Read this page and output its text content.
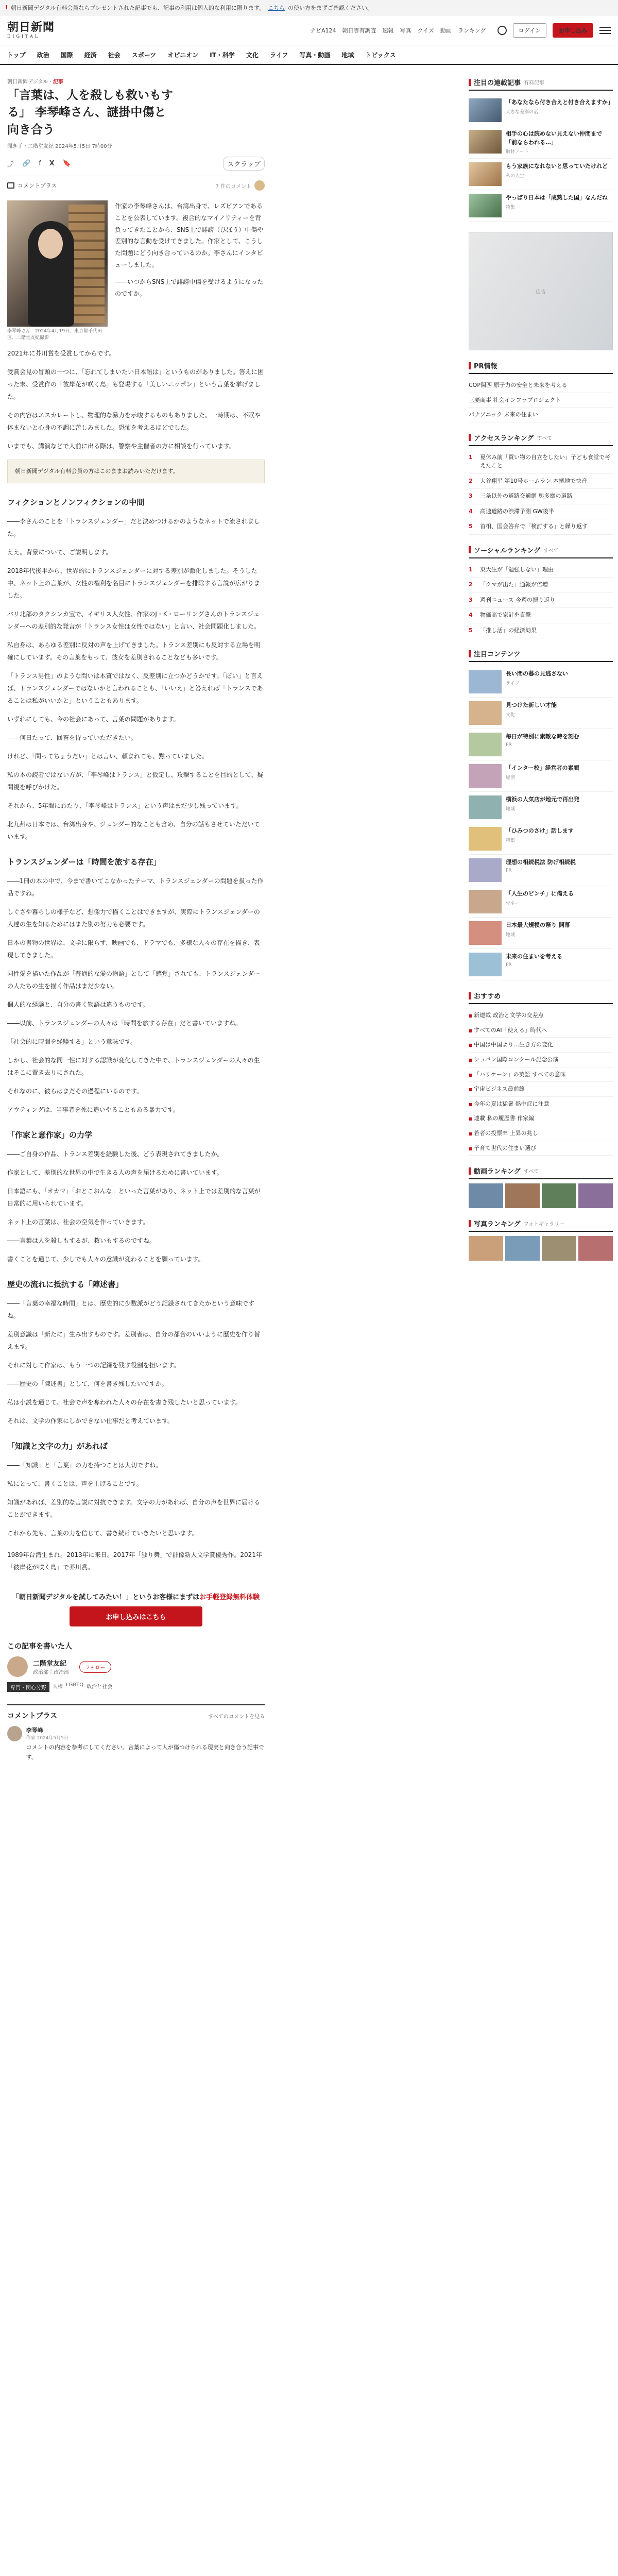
! 朝日新聞デジタル有料会員ならプレゼントされた記事でも、記事の利用は個人的な利用に限ります。 こちら の使い方をまずご確認ください。
朝日新聞
DIGITAL
ナビA124 朝日専有調査 速報 写真 クイズ 動画 ランキング	ログイン	お申し込み
トップ 政治 国際 経済 社会 スポーツ オピニオン IT・科学 文化 ライフ 写真・動画 地域 トピックス
朝日新聞デジタル · 記事
「言葉は、人を殺しも救いもする」 李琴峰さん、謎掛中傷と向き合う
聞き手・二階堂友紀 2024年5月5日 7時00分
⤴ 🔗 f X 🔖	スクラップ
コメントプラス	7 件のコメント
李琴峰さん＝2024年4月19日、東京都千代田区、二階堂友紀撮影

作家の李琴峰さんは、台湾出身で、レズビアンであることを公表しています。複合的なマイノリティーを背負ってきたことから、SNS上で誹謗（ひぼう）中傷や差別的な言動を受けてきました。作家として、こうした問題にどう向き合っているのか。李さんにインタビューしました。

――いつからSNS上で誹謗中傷を受けるようになったのですか。

2021年に芥川賞を受賞してからです。

受賞会見の冒頭の一つに、「忘れてしまいたい日本語は」というものがありました。答えに困った末、受賞作の「彼岸花が咲く島」も登場する「美しいニッポン」という言葉を挙げました。

その内容はエスカレートし、物理的な暴力を示唆するものもありました。一時期は、不眠や体まないと心身の不調に苦しみました。恐怖を考えるほどでした。

いまでも、講演などで人前に出る際は、警察や主催者の方に相談を行っています。

朝日新聞デジタル有料会員の方はこのままお読みいただけます。
フィクションとノンフィクションの中間

――李さんのことを「トランスジェンダー」だと決めつけるかのようなネットで流されました。

ええ。背景について、ご説明します。

2018年代後半から、世界的にトランスジェンダーに対する差別が激化しました。そうした中、ネット上の言葉が、女性の権利を名目にトランスジェンダーを排除する言説が広がりました。

バリ北部のタクシンカ宝で、イギリス人女性、作家のJ・K・ローリングさんのトランスジェンダーへの差別的な発言が「トランス女性は女性ではない」と言い、社会問題化しました。

私自身は、あらゆる差別に反対の声を上げてきました。トランス差別にも反対する立場を明確にしています。その言葉をもって、彼女を差別されることなども多いです。

「トランス男性」のような問いは本質ではなく、反差別に立つかどうかです。「ぼい」と言えば、トランスジェンダーではないかと言われることも、「いいえ」と答えれば「トランスであることは私がいいかと」ということもあります。

いずれにしても、今の社会にあって、言葉の問題があります。

――何日たって、回答を待っていただきたい。

けれど、「問ってちょうだい」とは言い、頼まれても、黙っていました。

私の本の読者ではない方が、「李琴峰はトランス」と仮定し、攻撃することを目的として、疑問視を呼びかけた。

それから、5年間にわたり、「李琴峰はトランス」という声はまだ少し残っています。

北九州は日本では、台湾出身や、ジェンダー的なことも含め、自分の話もさせていただいています。

トランスジェンダーは「時間を旅する存在」

――1冊の本の中で、今まで書いてこなかったテーマ、トランスジェンダーの問題を扱った作品ですね。

しぐさや暮らしの様子など、想像力で描くことはできますが、実際にトランスジェンダーの人達の生を知るためにはまた別の努力も必要です。

日本の書物の世界は、文学に限らず、映画でも、ドラマでも、多様な人々の存在を描き、表現してきました。

同性愛を描いた作品が「普通的な愛の物語」として「感覚」されても、トランスジェンダーの人たちの生を描く作品はまだ少ない。

個人的な経験と、自分の書く物語は違うものです。

――以前、トランスジェンダーの人々は「時間を旅する存在」だと書いていますね。

「社会的に時間を経験する」という意味です。

しかし、社会的な同一性に対する認識が変化してきた中で、トランスジェンダーの人々の生はそこに置き去りにされた。

それなのに、彼らはまだその過程にいるのです。

アウティングは、当事者を死に追いやることもある暴力です。

「作家と意作家」の力学

――ご自身の作品、トランス差別を経験した後、どう表現されてきましたか。

作家として、差別的な世界の中で生きる人の声を届けるために書いています。

日本語にも、「オカマ」「おとこおんな」といった言葉があり、ネット上では差別的な言葉が日常的に用いられています。

ネット上の言葉は、社会の空気を作っていきます。

――言葉は人を殺しもするが、救いもするのですね。

書くことを通じて、少しでも人々の意識が変わることを願っています。

歴史の流れに抵抗する「陣述書」

――「言葉の幸福な時間」とは、歴史的に少数派がどう記録されてきたかという意味ですね。

差別意識は「新たに」生み出すものです。差別者は、自分の都合のいいように歴史を作り替えます。

それに対して作家は、もう一つの記録を残す役割を担います。

――歴史の「陳述書」として、何を書き残したいですか。

私は小説を通じて、社会で声を奪われた人々の存在を書き残したいと思っています。

それは、文学の作家にしかできない仕事だと考えています。

「知識と文字の力」があれば

――「知識」と「言葉」の力を持つことは大切ですね。

私にとって、書くことは、声を上げることです。

知識があれば、差別的な言説に対抗できます。文字の力があれば、自分の声を世界に届けることができます。

これから先も、言葉の力を信じて、書き続けていきたいと思います。

1989年台湾生まれ。2013年に来日。2017年「独り舞」で群像新人文学賞優秀作。2021年「彼岸花が咲く島」で芥川賞。

「朝日新聞デジタルを試してみたい！」というお客様にまずはお手軽登録無料体験
お申し込みはこちら
この記事を書いた人
二階堂友紀
政治部｜政治部
フォロー
専門・関心分野	人権 LGBTQ 政治と社会
コメントプラス	すべてのコメントを見る
李琴峰
作家 2024年5月5日
コメントの内容を参考にしてください。言葉によって人が傷つけられる現実と向き合う記事です。
注目の連載記事 有料記事
「あなたなら付き合えと付き合えますか」
大きな差別の話
相手の心は読めない見えない仲間まで「前ならわれる…」
取材ノート
もう家族になれないと思っていたけれど
私の人生
やっぱり日本は「成熟した国」なんだね
特集
広告
PR情報
COP関西 原子力の安全と未来を考える
三菱商事 社会インフラプロジェクト
パナソニック 未来の住まい
アクセスランキング すべて
1	夏休み前「買い物の自立をしたい」子ども食堂で考えたこと
2	大谷翔平 第10号ホームラン 本拠地で快音
3	三条以外の道路交通網 奥多摩の道路
4	高速道路の渋滞予測 GW後半
5	首相、国会答弁で「検討する」と繰り返す
ソーシャルランキング すべて
1	東大生が「勉強しない」理由
2	「クマが出た」通報が倍増
3	週刊ニュース 今週の振り返り
4	物価高で家計を直撃
5	「推し活」の経済効果
注目コンテンツ
長い間の暮の見逃さない
ライフ
見つけた新しい才能
文化
毎日が特別に素敵な時を刻む
PR
「インター校」経営者の素顔
経済
横浜の人気店が地元で再出発
地域
「ひみつのさけ」話します
特集
理想の相続税法 防げ相続税
PR
「人生のピンチ」に備える
マネー
日本最大規模の祭り 開幕
地域
未来の住まいを考える
PR
おすすめ
■ 新連載 政治と文学の交差点
■ すべてのAI「使える」時代へ
■ 中国は中国より…生き方の変化
■ ショパン国際コンクール記念公演
■ 「ハリケーン」の英語 すべての意味
■ 宇宙ビジネス最前線
■ 今年の夏は猛暑 熱中症に注意
■ 連載 私の履歴書 作家編
■ 若者の投票率 上昇の兆し
■ 子育て世代の住まい選び
動画ランキング すべて
写真ランキング フォトギャラリー
